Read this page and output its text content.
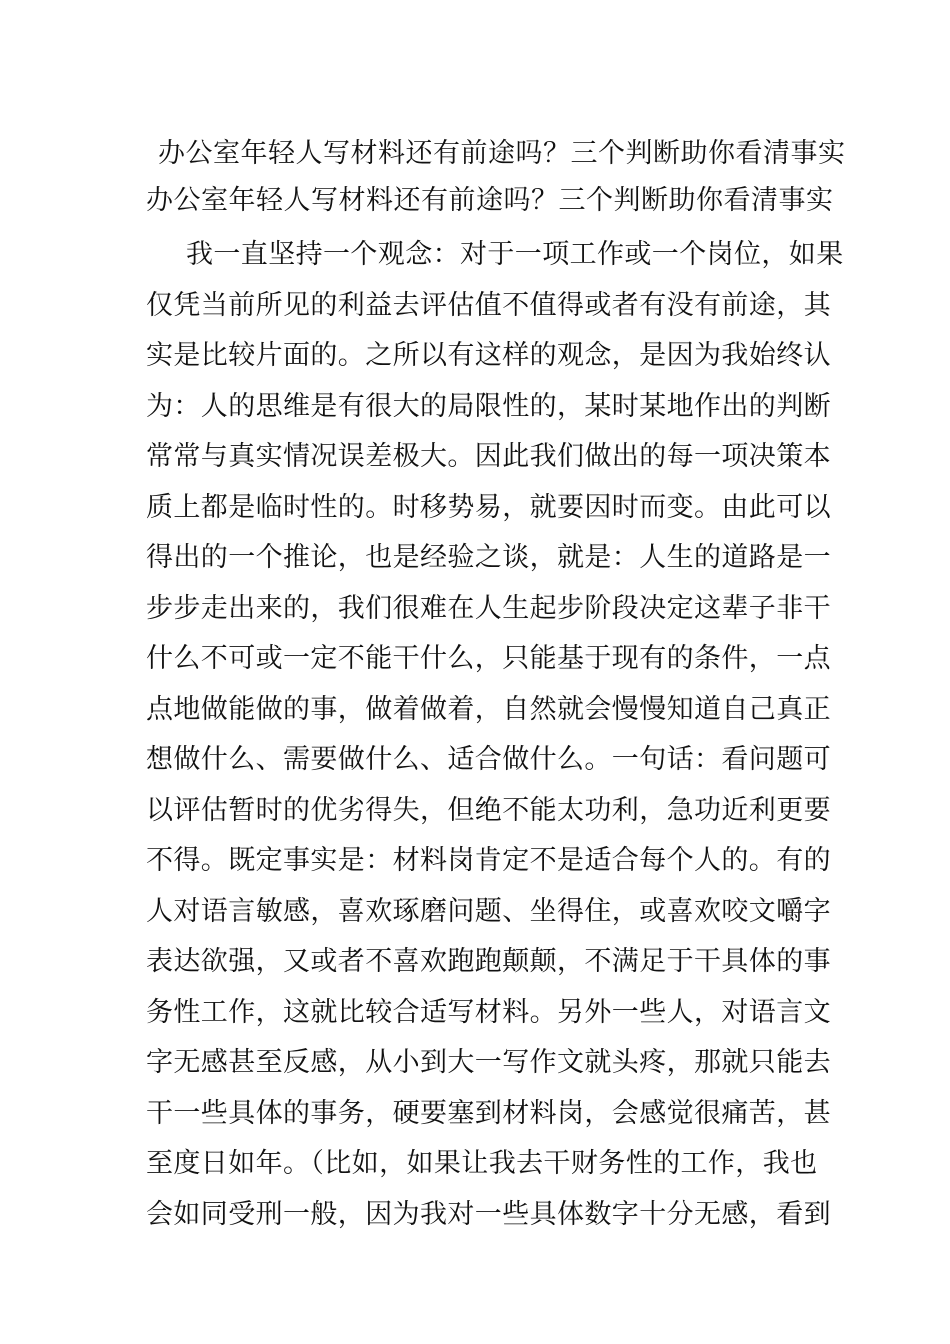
办公室年轻人写材料还有前途吗？三个判断助你看清事实
办公室年轻人写材料还有前途吗？三个判断助你看清事实
我一直坚持一个观念：对于一项工作或一个岗位，如果
仅凭当前所见的利益去评估值不值得或者有没有前途，其
实是比较片面的。之所以有这样的观念，是因为我始终认
为：人的思维是有很大的局限性的，某时某地作出的判断
常常与真实情况误差极大。因此我们做出的每一项决策本
质上都是临时性的。时移势易，就要因时而变。由此可以
得出的一个推论，也是经验之谈，就是：人生的道路是一
步步走出来的，我们很难在人生起步阶段决定这辈子非干
什么不可或一定不能干什么，只能基于现有的条件，一点
点地做能做的事，做着做着，自然就会慢慢知道自己真正
想做什么、需要做什么、适合做什么。一句话：看问题可
以评估暂时的优劣得失，但绝不能太功利，急功近利更要
不得。既定事实是：材料岗肯定不是适合每个人的。有的
人对语言敏感，喜欢琢磨问题、坐得住，或喜欢咬文嚼字
表达欲强，又或者不喜欢跑跑颠颠，不满足于干具体的事
务性工作，这就比较合适写材料。另外一些人，对语言文
字无感甚至反感，从小到大一写作文就头疼，那就只能去
干一些具体的事务，硬要塞到材料岗，会感觉很痛苦，甚
至度日如年。（比如，如果让我去干财务性的工作，我也
会如同受刑一般，因为我对一些具体数字十分无感，看到
